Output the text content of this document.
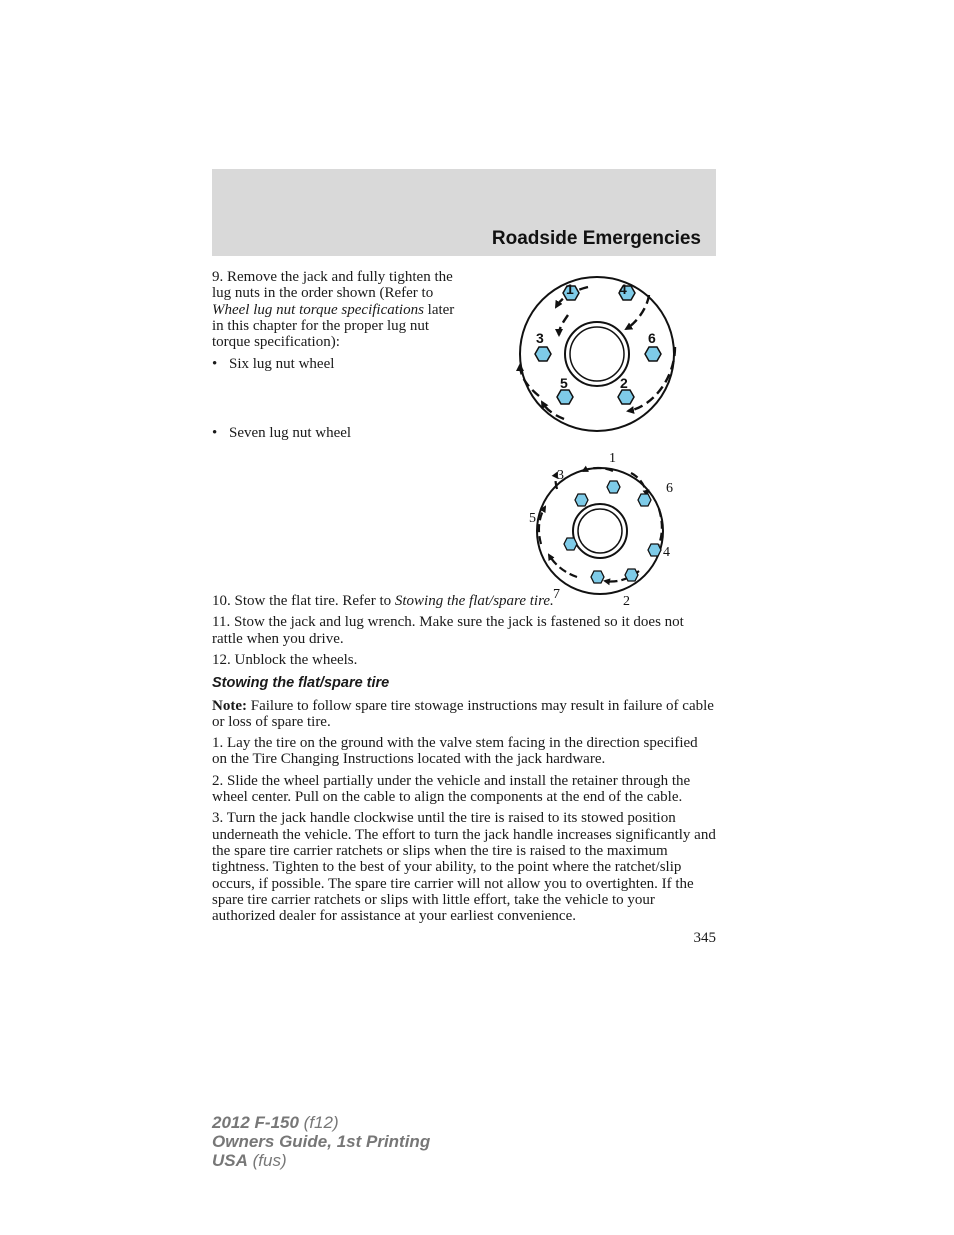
Roadside Emergencies
1	4
3	6
5	2
1
3
6
5
4
7	2

9. Remove the jack and fully tighten the lug nuts in the order shown (Refer to Wheel lug nut torque specifications later in this chapter for the proper lug nut torque specification):

• Six lug nut wheel

• Seven lug nut wheel

10. Stow the flat tire. Refer to Stowing the flat/spare tire.

11. Stow the jack and lug wrench. Make sure the jack is fastened so it does not rattle when you drive.

12. Unblock the wheels.

Stowing the flat/spare tire

Note: Failure to follow spare tire stowage instructions may result in failure of cable or loss of spare tire.

1. Lay the tire on the ground with the valve stem facing in the direction specified on the Tire Changing Instructions located with the jack hardware.

2. Slide the wheel partially under the vehicle and install the retainer through the wheel center. Pull on the cable to align the components at the end of the cable.

3. Turn the jack handle clockwise until the tire is raised to its stowed position underneath the vehicle. The effort to turn the jack handle increases significantly and the spare tire carrier ratchets or slips when the tire is raised to the maximum tightness. Tighten to the best of your ability, to the point where the ratchet/slip occurs, if possible. The spare tire carrier will not allow you to overtighten. If the spare tire carrier ratchets or slips with little effort, take the vehicle to your authorized dealer for assistance at your earliest convenience.

345
2012 F-150 (f12)
Owners Guide, 1st Printing
USA (fus)
